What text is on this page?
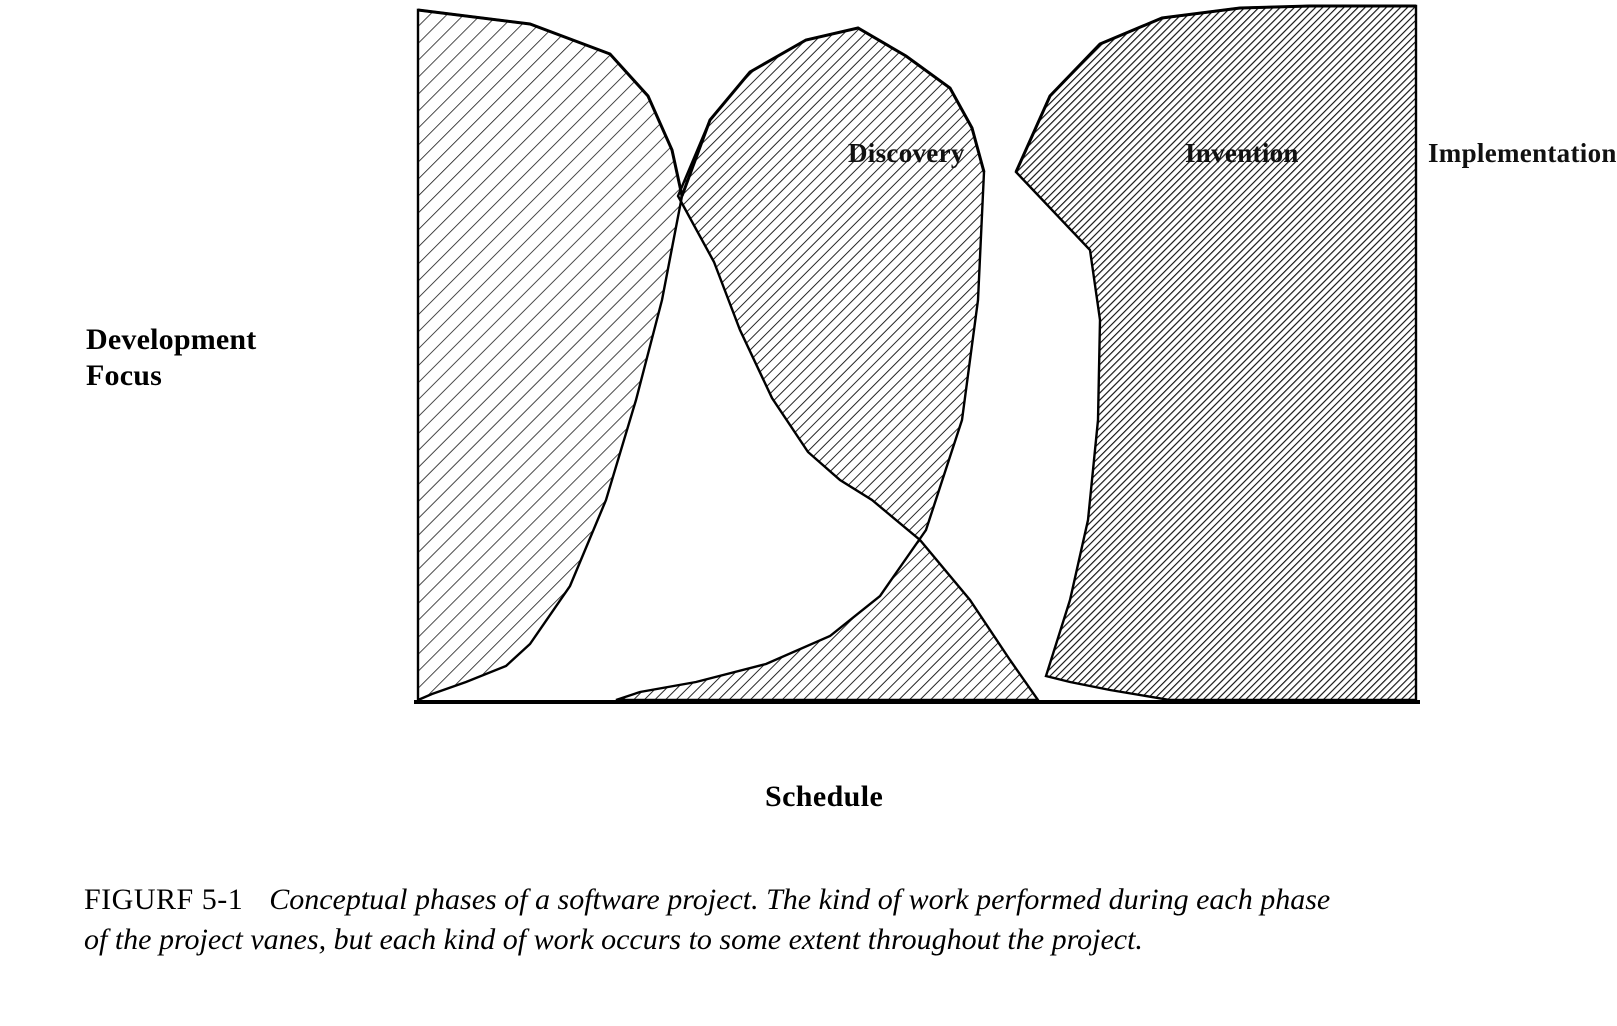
Development
Focus
Discovery	Invention	Implementation
Schedule
FIGURF 5-1 Conceptual phases of a software project. The kind of work performed during each phase of the project vanes, but each kind of work occurs to some extent throughout the project.
